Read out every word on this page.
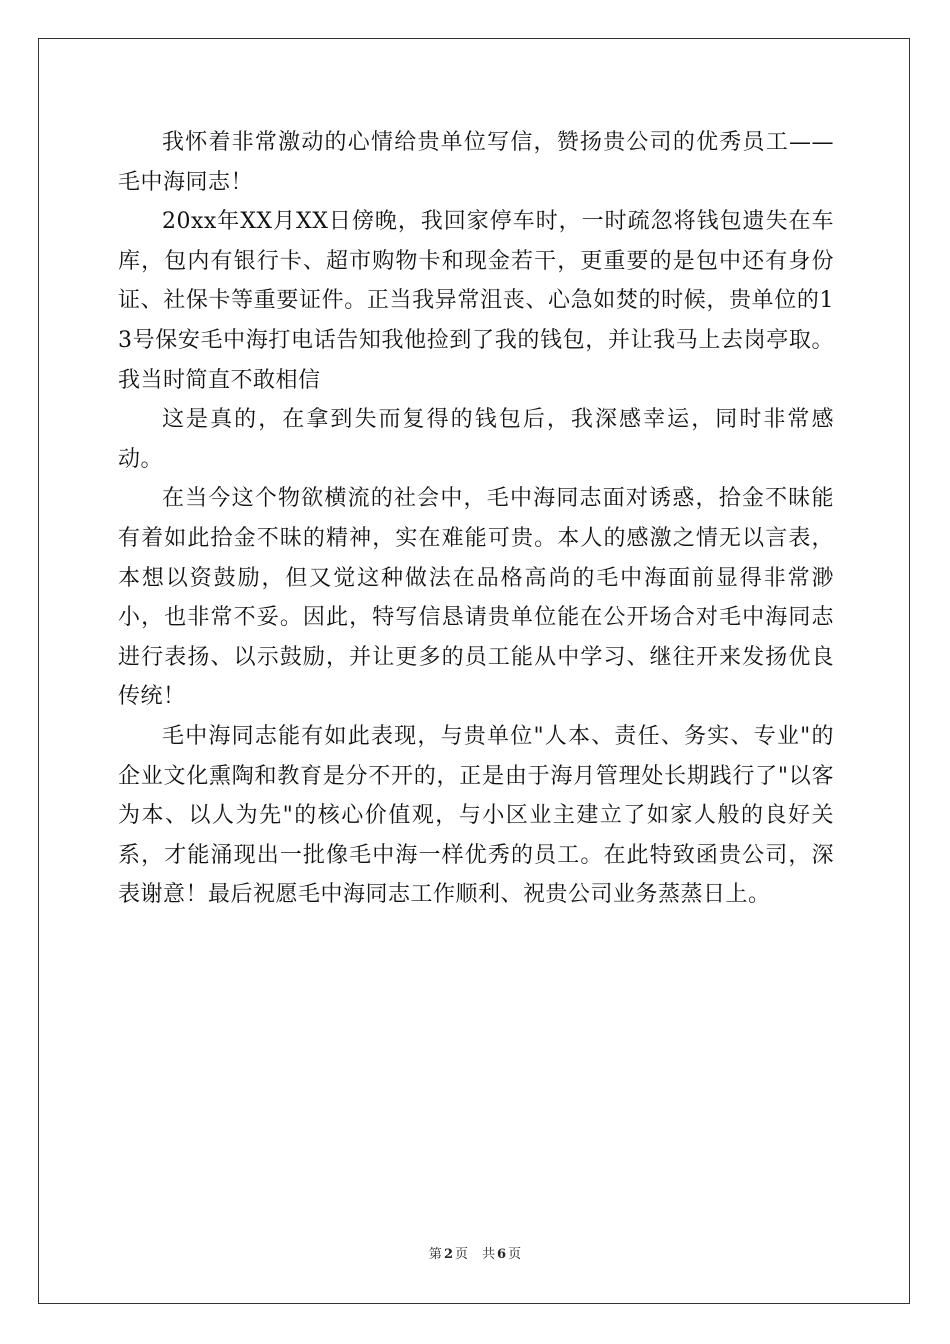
我怀着非常激动的心情给贵单位写信，赞扬贵公司的优秀员工——毛中海同志！

20xx年XX月XX日傍晚，我回家停车时，一时疏忽将钱包遗失在车库，包内有银行卡、超市购物卡和现金若干，更重要的是包中还有身份证、社保卡等重要证件。正当我异常沮丧、心急如焚的时候，贵单位的13号保安毛中海打电话告知我他捡到了我的钱包，并让我马上去岗亭取。我当时简直不敢相信

这是真的，在拿到失而复得的钱包后，我深感幸运，同时非常感动。

在当今这个物欲横流的社会中，毛中海同志面对诱惑，拾金不昧能有着如此拾金不昧的精神，实在难能可贵。本人的感激之情无以言表，本想以资鼓励，但又觉这种做法在品格高尚的毛中海面前显得非常渺小，也非常不妥。因此，特写信恳请贵单位能在公开场合对毛中海同志进行表扬、以示鼓励，并让更多的员工能从中学习、继往开来发扬优良传统！

毛中海同志能有如此表现，与贵单位"人本、责任、务实、专业"的企业文化熏陶和教育是分不开的，正是由于海月管理处长期践行了"以客为本、以人为先"的核心价值观，与小区业主建立了如家人般的良好关系，才能涌现出一批像毛中海一样优秀的员工。在此特致函贵公司，深表谢意！最后祝愿毛中海同志工作顺利、祝贵公司业务蒸蒸日上。

第 2 页 共 6 页
